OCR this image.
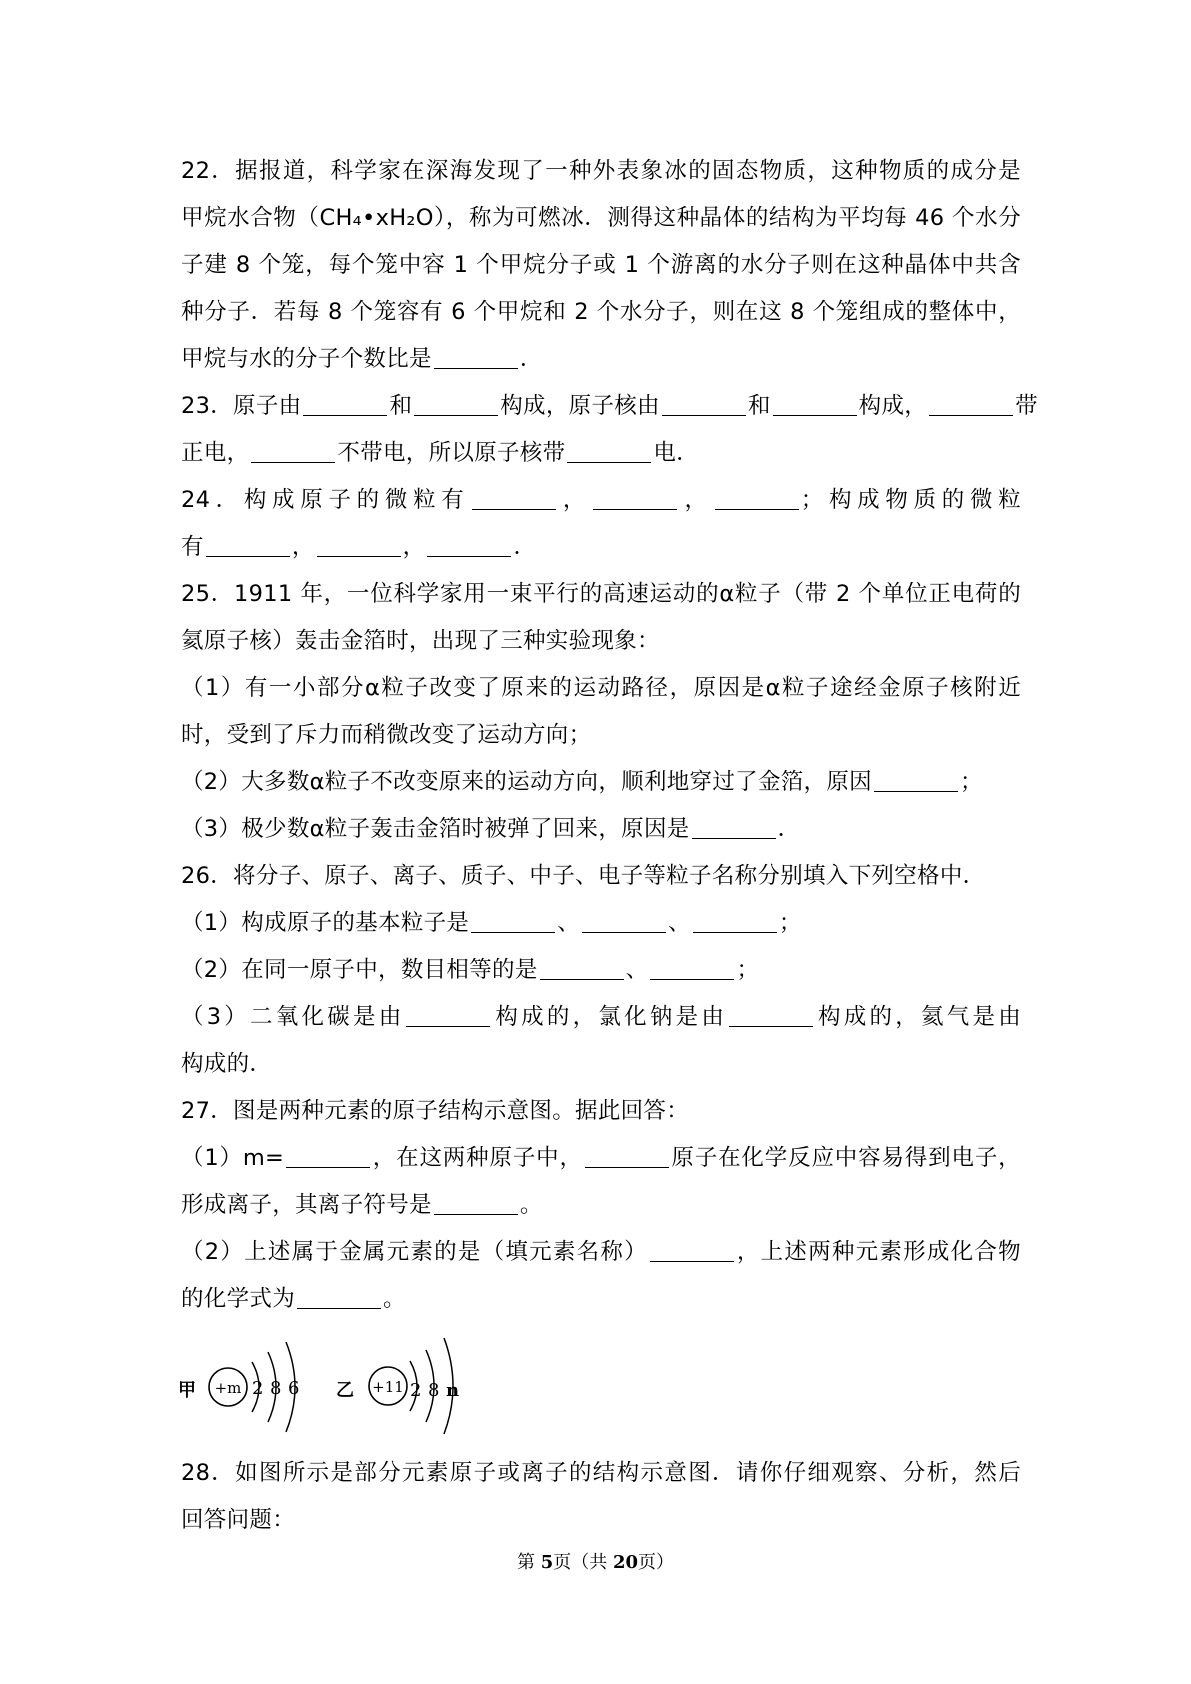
22．据报道，科学家在深海发现了一种外表象冰的固态物质，这种物质的成分是
甲烷水合物（CH₄•xH₂O），称为可燃冰．测得这种晶体的结构为平均每 46 个水分
子建 8 个笼，每个笼中容 1 个甲烷分子或 1 个游离的水分子则在这种晶体中共含
种分子．若每 8 个笼容有 6 个甲烷和 2 个水分子，则在这 8 个笼组成的整体中，
甲烷与水的分子个数比是	．
23．原子由	和	构成，原子核由	和	构成，	带
正电，	不带电，所以原子核带	电．
24．构成原子的微粒有	，	，	；构成物质的微粒
有	，	，	．
25．1911 年，一位科学家用一束平行的高速运动的α粒子（带 2 个单位正电荷的
氦原子核）轰击金箔时，出现了三种实验现象：
（1）有一小部分α粒子改变了原来的运动路径，原因是α粒子途经金原子核附近
时，受到了斥力而稍微改变了运动方向；
（2）大多数α粒子不改变原来的运动方向，顺利地穿过了金箔，原因	；
（3）极少数α粒子轰击金箔时被弹了回来，原因是	．
26．将分子、原子、离子、质子、中子、电子等粒子名称分别填入下列空格中．
（1）构成原子的基本粒子是	、	、	；
（2）在同一原子中，数目相等的是	、	；
（3）二氧化碳是由	构成的，氯化钠是由	构成的，氦气是由
构成的．
27．图是两种元素的原子结构示意图。据此回答：
（1）m=	，在这两种原子中，	原子在化学反应中容易得到电子，
形成离子，其离子符号是	。
（2）上述属于金属元素的是（填元素名称）	，上述两种元素形成化合物
的化学式为	。
甲 +m 2 8 6 乙 +11 2 8 n
28．如图所示是部分元素原子或离子的结构示意图．请你仔细观察、分析，然后
回答问题：
第 5页（共 20页）
